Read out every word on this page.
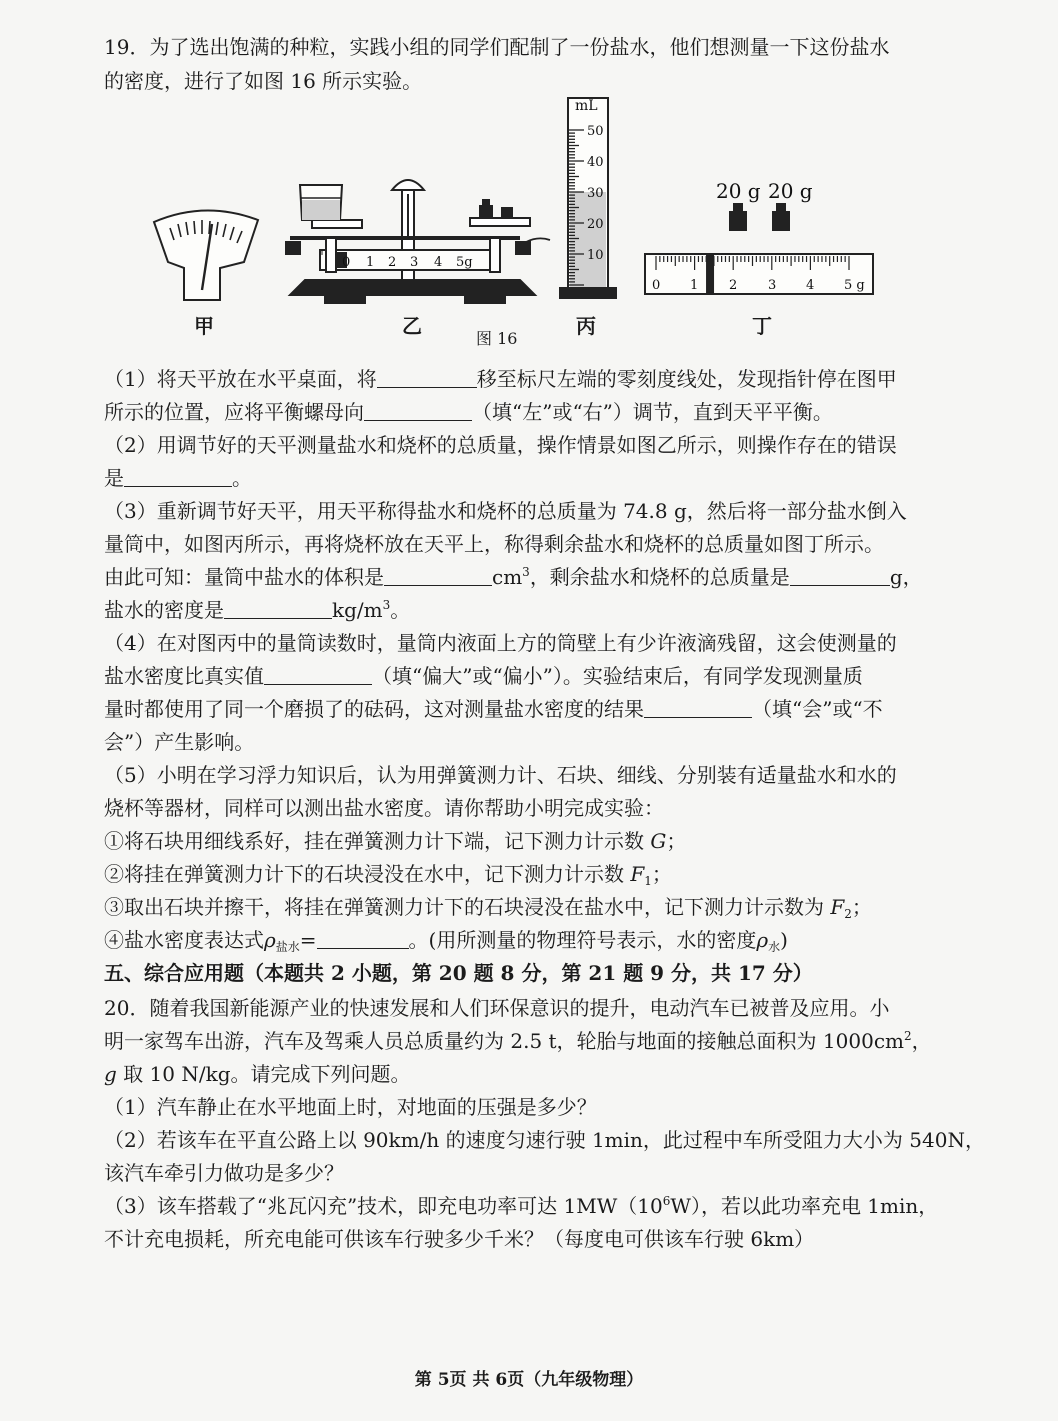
19．为了选出饱满的种粒，实践小组的同学们配制了一份盐水，他们想测量一下这份盐水
的密度，进行了如图 16 所示实验。
0 1 2 3 4 5g
mL
50
40
30
20
10
20 g 20 g
0 1 2 3 4 5 g
甲	乙	丙	丁
图 16
（1）将天平放在水平桌面，将	移至标尺左端的零刻度线处，发现指针停在图甲
所示的位置，应将平衡螺母向	（填“左”或“右”）调节，直到天平平衡。
（2）用调节好的天平测量盐水和烧杯的总质量，操作情景如图乙所示，则操作存在的错误
是	。
（3）重新调节好天平，用天平称得盐水和烧杯的总质量为 74.8 g，然后将一部分盐水倒入
量筒中，如图丙所示，再将烧杯放在天平上，称得剩余盐水和烧杯的总质量如图丁所示。
由此可知：量筒中盐水的体积是	$cm^3$，剩余盐水和烧杯的总质量是	g，
盐水的密度是	$kg/m^3$。
（4）在对图丙中的量筒读数时，量筒内液面上方的筒壁上有少许液滴残留，这会使测量的
盐水密度比真实值	（填“偏大”或“偏小”）。实验结束后，有同学发现测量质
量时都使用了同一个磨损了的砝码，这对测量盐水密度的结果	（填“会”或“不
会”）产生影响。
（5）小明在学习浮力知识后，认为用弹簧测力计、石块、细线、分别装有适量盐水和水的
烧杯等器材，同样可以测出盐水密度。请你帮助小明完成实验：
①将石块用细线系好，挂在弹簧测力计下端，记下测力计示数 G；
②将挂在弹簧测力计下的石块浸没在水中，记下测力计示数 $F_1$；
③取出石块并擦干，将挂在弹簧测力计下的石块浸没在盐水中，记下测力计示数为 $F_2$；
④盐水密度表达式$\rho_{盐水}=$	。(用所测量的物理符号表示，水的密度$\rho_水$)
五、综合应用题（本题共 2 小题，第 20 题 8 分，第 21 题 9 分，共 17 分）
20．随着我国新能源产业的快速发展和人们环保意识的提升，电动汽车已被普及应用。小
明一家驾车出游，汽车及驾乘人员总质量约为 2.5 t，轮胎与地面的接触总面积为 $1000cm^2$，
g 取 10 N/kg。请完成下列问题。
（1）汽车静止在水平地面上时，对地面的压强是多少？
（2）若该车在平直公路上以 90km/h 的速度匀速行驶 1min，此过程中车所受阻力大小为 540N，
该汽车牵引力做功是多少？
（3）该车搭载了“兆瓦闪充”技术，即充电功率可达 $1MW(10^6W)$，若以此功率充电 1min，
不计充电损耗，所充电能可供该车行驶多少千米？（每度电可供该车行驶 6km）
第 5页 共 6页（九年级物理）
